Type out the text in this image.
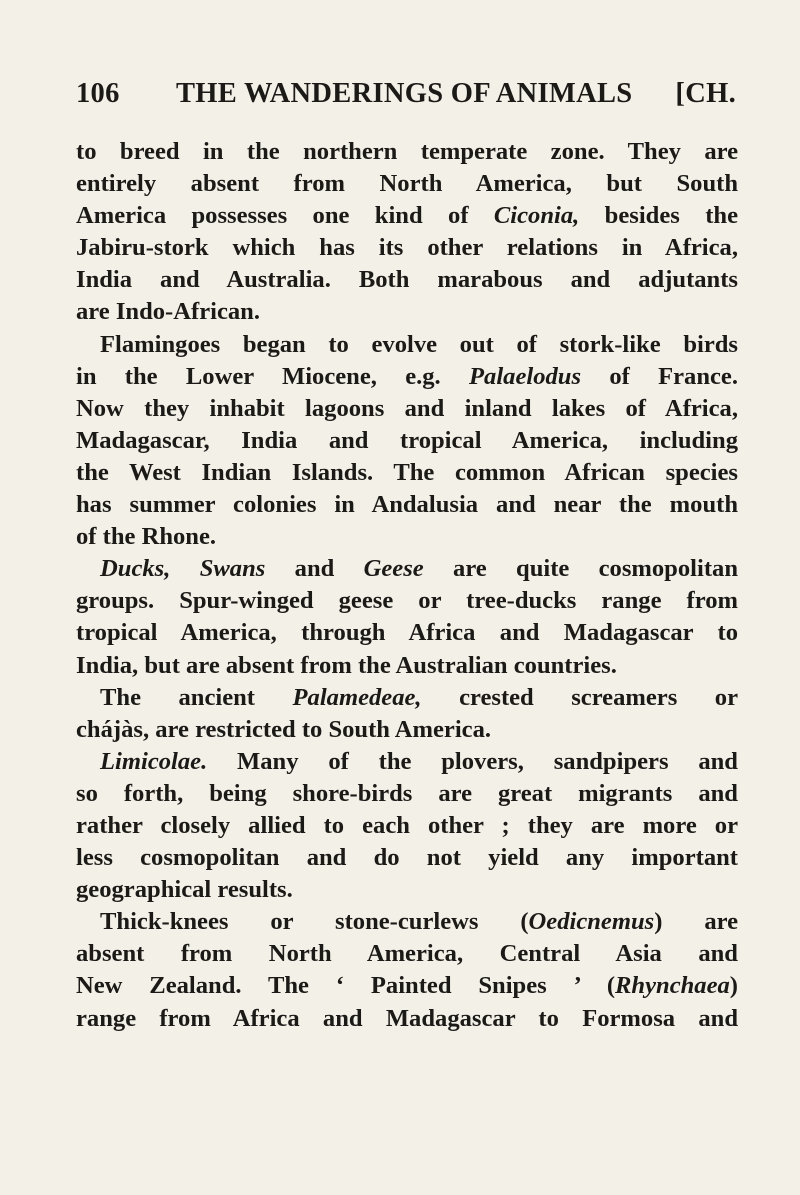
106 THE WANDERINGS OF ANIMALS [CH.
to breed in the northern temperate zone. They are
entirely absent from North America, but South
America possesses one kind of Ciconia, besides the
Jabiru-stork which has its other relations in Africa,
India and Australia. Both marabous and adjutants
are Indo-African.
Flamingoes began to evolve out of stork-like birds
in the Lower Miocene, e.g. Palaelodus of France.
Now they inhabit lagoons and inland lakes of Africa,
Madagascar, India and tropical America, including
the West Indian Islands. The common African species
has summer colonies in Andalusia and near the mouth
of the Rhone.
Ducks, Swans and Geese are quite cosmopolitan
groups. Spur-winged geese or tree-ducks range from
tropical America, through Africa and Madagascar to
India, but are absent from the Australian countries.
The ancient Palamedeae, crested screamers or
chájàs, are restricted to South America.
Limicolae. Many of the plovers, sandpipers and
so forth, being shore-birds are great migrants and
rather closely allied to each other ; they are more or
less cosmopolitan and do not yield any important
geographical results.
Thick-knees or stone-curlews (Oedicnemus) are
absent from North America, Central Asia and
New Zealand. The ‘ Painted Snipes ’ (Rhynchaea)
range from Africa and Madagascar to Formosa and
